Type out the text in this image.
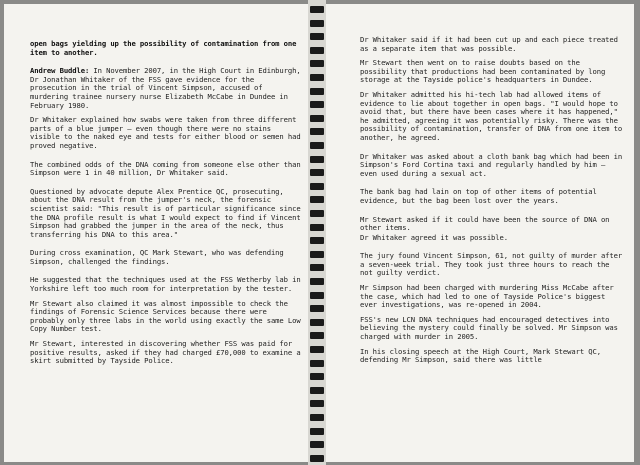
open bags yielding up the possibility of contamination from one item to another.

Andrew Buddle: In November 2007, in the High Court in Edinburgh, Dr Jonathan Whitaker of the FSS gave evidence for the prosecution in the trial of Vincent Simpson, accused of murdering trainee nursery nurse Elizabeth McCabe in Dundee in February 1980.

Dr Whitaker explained how swabs were taken from three different parts of a blue jumper — even though there were no stains visible to the naked eye and tests for either blood or semen had proved negative.

The combined odds of the DNA coming from someone else other than Simpson were 1 in 40 million, Dr Whitaker said.

Questioned by advocate depute Alex Prentice QC, prosecuting, about the DNA result from the jumper's neck, the forensic scientist said: "This result is of particular significance since the DNA profile result is what I would expect to find if Vincent Simpson had grabbed the jumper in the area of the neck, thus transferring his DNA to this area."

During cross examination, QC Mark Stewart, who was defending Simpson, challenged the findings.

He suggested that the techniques used at the FSS Wetherby lab in Yorkshire left too much room for interpretation by the tester.

Mr Stewart also claimed it was almost impossible to check the findings of Forensic Science Services because there were probably only three labs in the world using exactly the same Low Copy Number test.

Mr Stewart, interested in discovering whether FSS was paid for positive results, asked if they had charged £70,000 to examine a skirt submitted by Tayside Police.

Dr Whitaker said if it had been cut up and each piece treated as a separate item that was possible.

Mr Stewart then went on to raise doubts based on the possibility that productions had been contaminated by long storage at the Tayside police's headquarters in Dundee.

Dr Whitaker admitted his hi-tech lab had allowed items of evidence to lie about together in open bags. "I would hope to avoid that, but there have been cases where it has happened," he admitted, agreeing it was potentially risky. There was the possibility of contamination, transfer of DNA from one item to another, he agreed.

Dr Whitaker was asked about a cloth bank bag which had been in Simpson's Ford Cortina taxi and regularly handled by him — even used during a sexual act.

The bank bag had lain on top of other items of potential evidence, but the bag been lost over the years.

Mr Stewart asked if it could have been the source of DNA on other items.

Dr Whitaker agreed it was possible.

The jury found Vincent Simpson, 61, not guilty of murder after a seven-week trial. They took just three hours to reach the not guilty verdict.

Mr Simpson had been charged with murdering Miss McCabe after the case, which had led to one of Tayside Police's biggest ever investigations, was re-opened in 2004.

FSS's new LCN DNA techniques had encouraged detectives into believing the mystery could finally be solved. Mr Simpson was charged with murder in 2005.

In his closing speech at the High Court, Mark Stewart QC, defending Mr Simpson, said there was little
